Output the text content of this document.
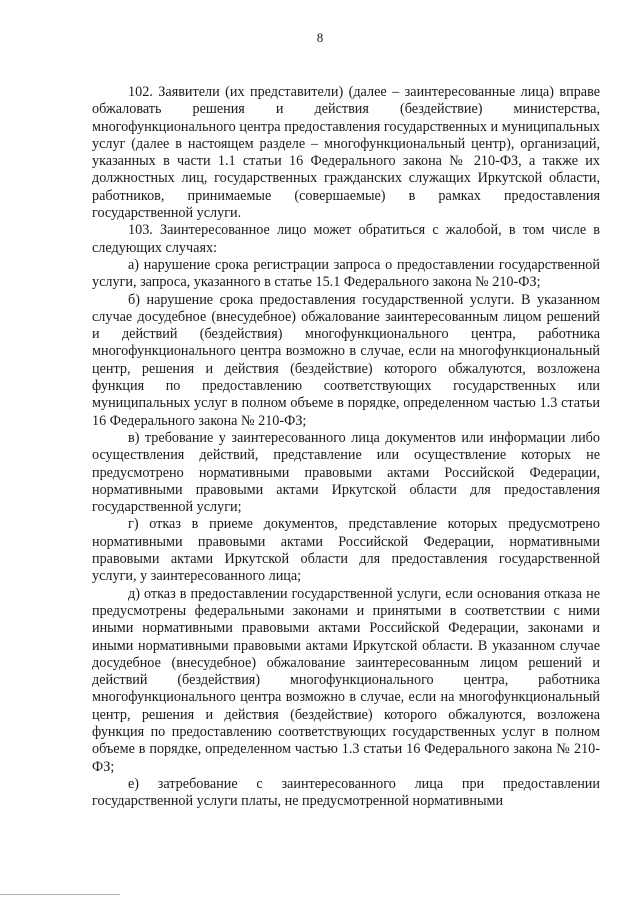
8

102. Заявители (их представители) (далее – заинтересованные лица) вправе обжаловать решения и действия (бездействие) министерства, многофункционального центра предоставления государственных и муниципальных услуг (далее в настоящем разделе – многофункциональный центр), организаций, указанных в части 1.1 статьи 16 Федерального закона № 210-ФЗ, а также их должностных лиц, государственных гражданских служащих Иркутской области, работников, принимаемые (совершаемые) в рамках предоставления государственной услуги.

103. Заинтересованное лицо может обратиться с жалобой, в том числе в следующих случаях:

а) нарушение срока регистрации запроса о предоставлении государственной услуги, запроса, указанного в статье 15.1 Федерального закона № 210-ФЗ;

б) нарушение срока предоставления государственной услуги. В указанном случае досудебное (внесудебное) обжалование заинтересованным лицом решений и действий (бездействия) многофункционального центра, работника многофункционального центра возможно в случае, если на многофункциональный центр, решения и действия (бездействие) которого обжалуются, возложена функция по предоставлению соответствующих государственных или муниципальных услуг в полном объеме в порядке, определенном частью 1.3 статьи 16 Федерального закона № 210-ФЗ;

в) требование у заинтересованного лица документов или информации либо осуществления действий, представление или осуществление которых не предусмотрено нормативными правовыми актами Российской Федерации, нормативными правовыми актами Иркутской области для предоставления государственной услуги;

г) отказ в приеме документов, представление которых предусмотрено нормативными правовыми актами Российской Федерации, нормативными правовыми актами Иркутской области для предоставления государственной услуги, у заинтересованного лица;

д) отказ в предоставлении государственной услуги, если основания отказа не предусмотрены федеральными законами и принятыми в соответствии с ними иными нормативными правовыми актами Российской Федерации, законами и иными нормативными правовыми актами Иркутской области. В указанном случае досудебное (внесудебное) обжалование заинтересованным лицом решений и действий (бездействия) многофункционального центра, работника многофункционального центра возможно в случае, если на многофункциональный центр, решения и действия (бездействие) которого обжалуются, возложена функция по предоставлению соответствующих государственных услуг в полном объеме в порядке, определенном частью 1.3 статьи 16 Федерального закона № 210-ФЗ;

е) затребование с заинтересованного лица при предоставлении государственной услуги платы, не предусмотренной нормативными
